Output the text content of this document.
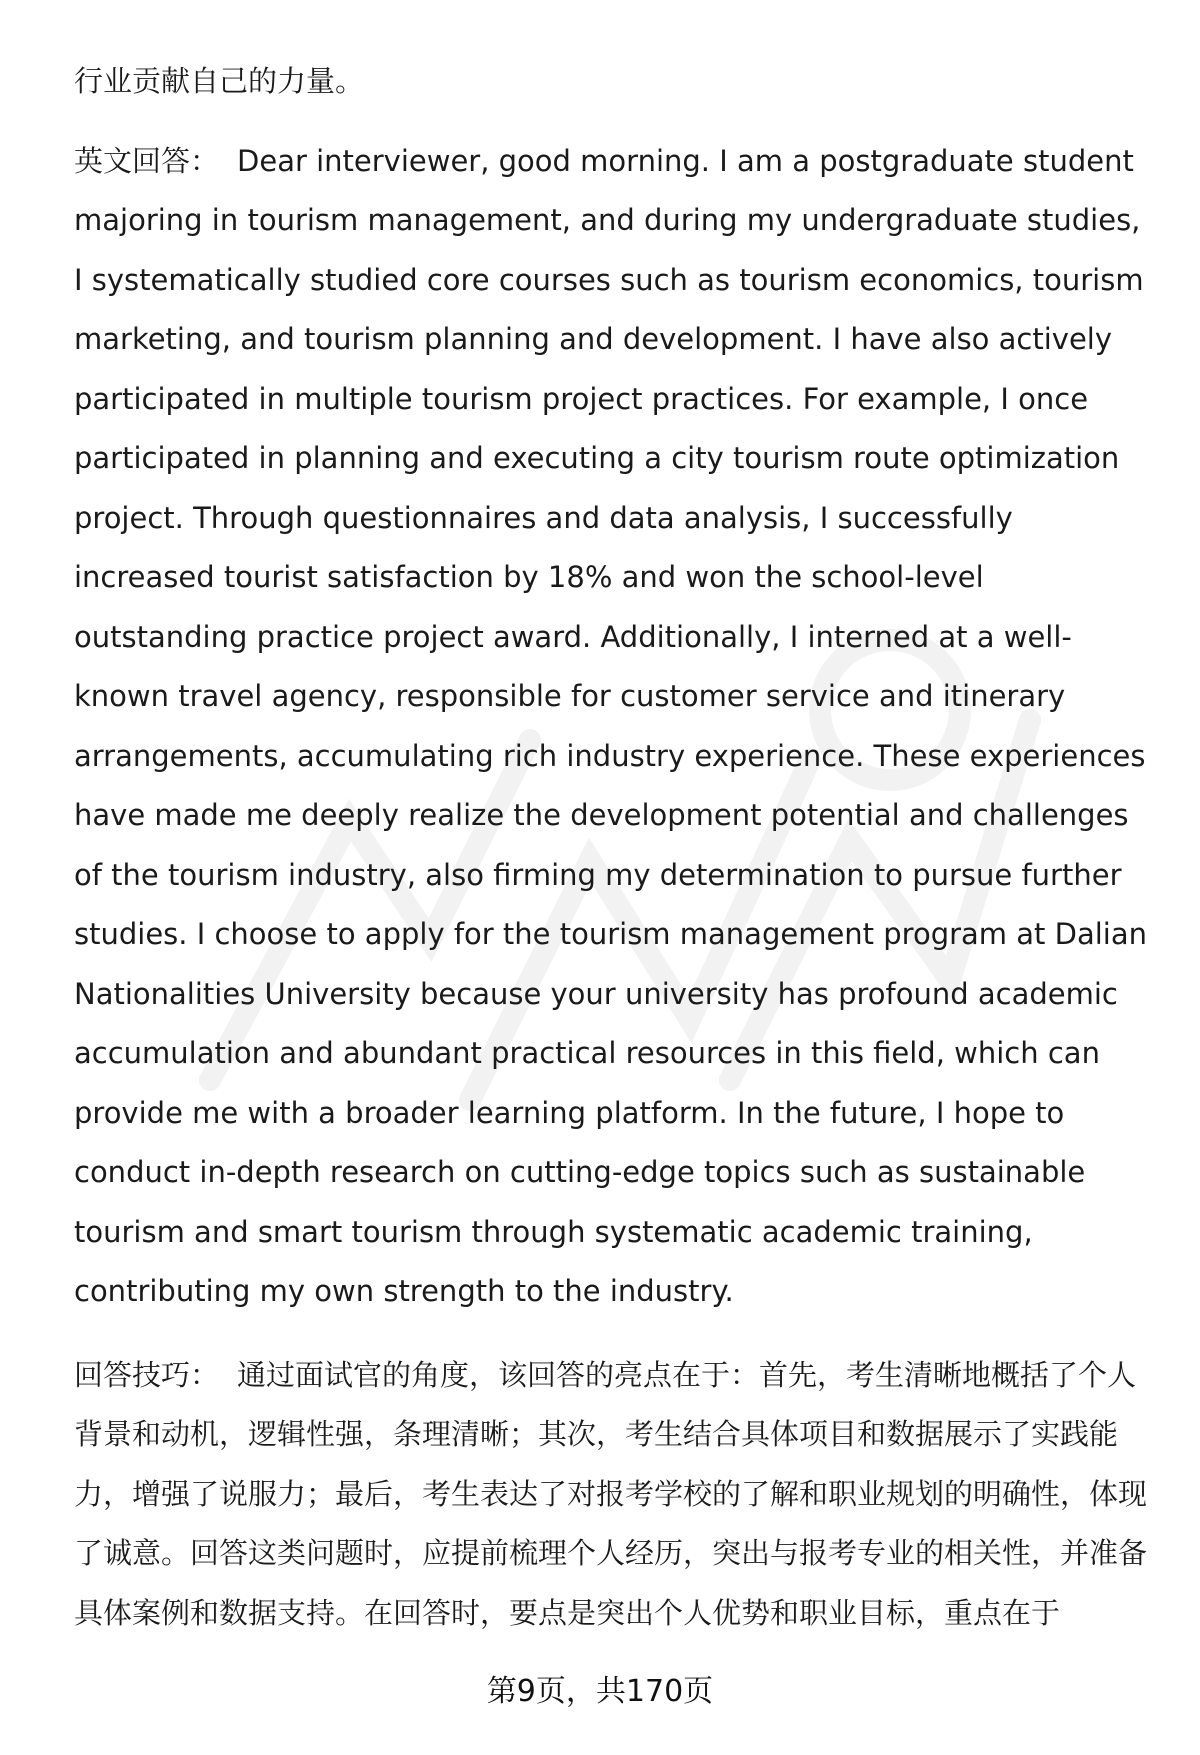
行业贡献自己的力量。

英文回答： Dear interviewer, good morning. I am a postgraduate student majoring in tourism management, and during my undergraduate studies, I systematically studied core courses such as tourism economics, tourism marketing, and tourism planning and development. I have also actively participated in multiple tourism project practices. For example, I once participated in planning and executing a city tourism route optimization project. Through questionnaires and data analysis, I successfully increased tourist satisfaction by 18% and won the school-level outstanding practice project award. Additionally, I interned at a well-known travel agency, responsible for customer service and itinerary arrangements, accumulating rich industry experience. These experiences have made me deeply realize the development potential and challenges of the tourism industry, also firming my determination to pursue further studies. I choose to apply for the tourism management program at Dalian Nationalities University because your university has profound academic accumulation and abundant practical resources in this field, which can provide me with a broader learning platform. In the future, I hope to conduct in-depth research on cutting-edge topics such as sustainable tourism and smart tourism through systematic academic training, contributing my own strength to the industry.

回答技巧： 通过面试官的角度，该回答的亮点在于：首先，考生清晰地概括了个人背景和动机，逻辑性强，条理清晰；其次，考生结合具体项目和数据展示了实践能力，增强了说服力；最后，考生表达了对报考学校的了解和职业规划的明确性，体现了诚意。回答这类问题时，应提前梳理个人经历，突出与报考专业的相关性，并准备具体案例和数据支持。在回答时，要点是突出个人优势和职业目标，重点在于

第9页，共170页
